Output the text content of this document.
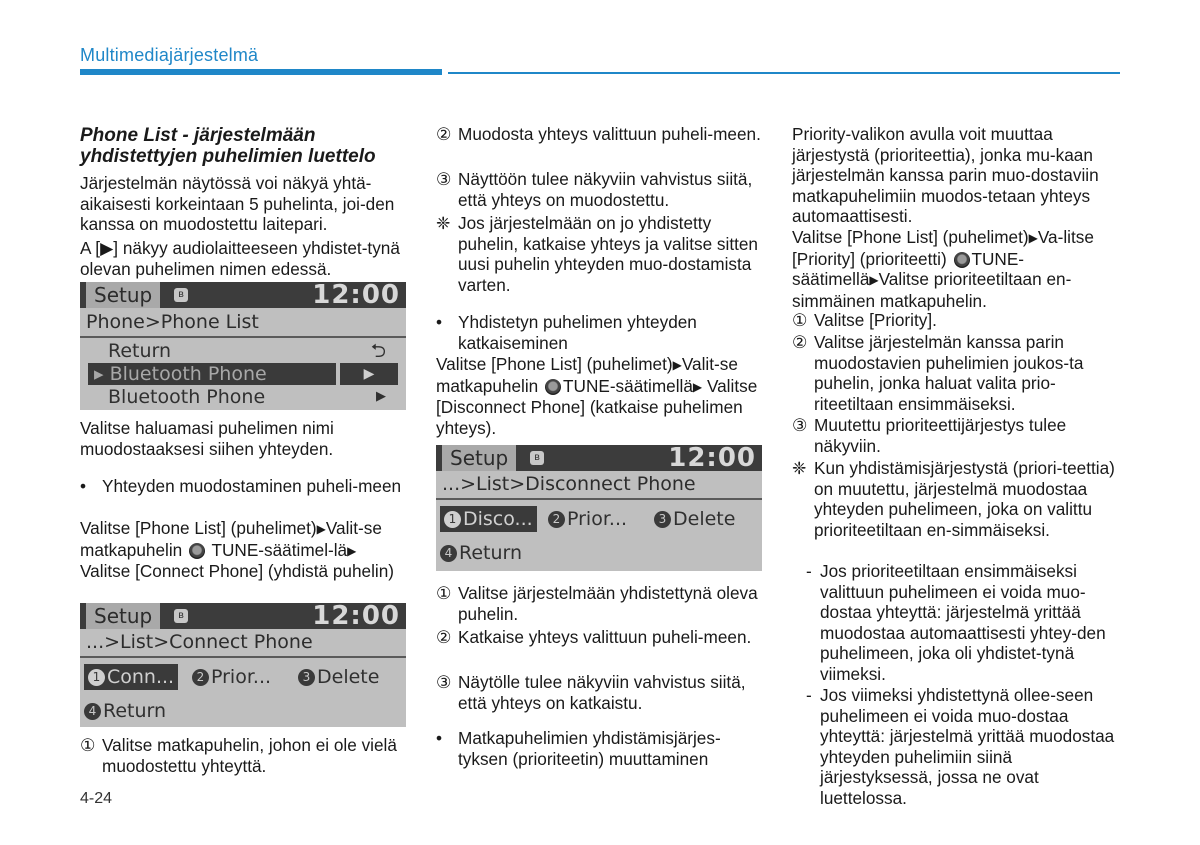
Multimediajärjestelmä

Phone List - järjestelmään

yhdistettyjen puhelimien luettelo

Järjestelmän näytössä voi näkyä yhtä-aikaisesti korkeintaan 5 puhelinta, joi-den kanssa on muodostettu laitepari.

A [▶] näkyy audiolaitteeseen yhdistet-tynä olevan puhelimen nimen edessä.

Setup	ʙ	12:00
Phone>Phone List
Return	⮌
▸ Bluetooth Phone	▶
Bluetooth Phone	▶

Valitse haluamasi puhelimen nimi muodostaaksesi siihen yhteyden.

• Yhteyden muodostaminen puheli-meen

Valitse [Phone List] (puhelimet)▶Valit-se matkapuhelin TUNE-säätimel-lä▶ Valitse [Connect Phone] (yhdistä puhelin)

Setup	ʙ	12:00
...>List>Connect Phone
1 Conn...	2 Prior...	3 Delete
4 Return
① Valitse matkapuhelin, johon ei ole vielä muodostettu yhteyttä.
② Muodosta yhteys valittuun puheli-meen.
③ Näyttöön tulee näkyviin vahvistus siitä, että yhteys on muodostettu.
❈ Jos järjestelmään on jo yhdistetty puhelin, katkaise yhteys ja valitse sitten uusi puhelin yhteyden muo-dostamista varten.
• Yhdistetyn puhelimen yhteyden katkaiseminen

Valitse [Phone List] (puhelimet)▶Valit-se matkapuhelin TUNE-säätimellä▶ Valitse [Disconnect Phone] (katkaise puhelimen yhteys).

Setup	ʙ	12:00
...>List>Disconnect Phone
1 Disco...	2 Prior...	3 Delete
4 Return
① Valitse järjestelmään yhdistettynä oleva puhelin.
② Katkaise yhteys valittuun puheli-meen.
③ Näytölle tulee näkyviin vahvistus siitä, että yhteys on katkaistu.
• Matkapuhelimien yhdistämisjärjes-tyksen (prioriteetin) muuttaminen

Priority-valikon avulla voit muuttaa järjestystä (prioriteettia), jonka mu-kaan järjestelmän kanssa parin muo-dostaviin matkapuhelimiin muodos-tetaan yhteys automaattisesti.

Valitse [Phone List] (puhelimet)▶Va-litse [Priority] (prioriteetti) TUNE-säätimellä▶Valitse prioriteetiltaan en-simmäinen matkapuhelin.

① Valitse [Priority].
② Valitse järjestelmän kanssa parin muodostavien puhelimien joukos-ta puhelin, jonka haluat valita prio-riteetiltaan ensimmäiseksi.
③ Muutettu prioriteettijärjestys tulee näkyviin.
❈ Kun yhdistämisjärjestystä (priori-teettia) on muutettu, järjestelmä muodostaa yhteyden puhelimeen, joka on valittu prioriteetiltaan en-simmäiseksi.
- Jos prioriteetiltaan ensimmäiseksi valittuun puhelimeen ei voida muo-dostaa yhteyttä: järjestelmä yrittää muodostaa automaattisesti yhtey-den puhelimeen, joka oli yhdistet-tynä viimeksi.
- Jos viimeksi yhdistettynä ollee-seen puhelimeen ei voida muo-dostaa yhteyttä: järjestelmä yrittää muodostaa yhteyden puhelimiin siinä järjestyksessä, jossa ne ovat luettelossa.
4-24
